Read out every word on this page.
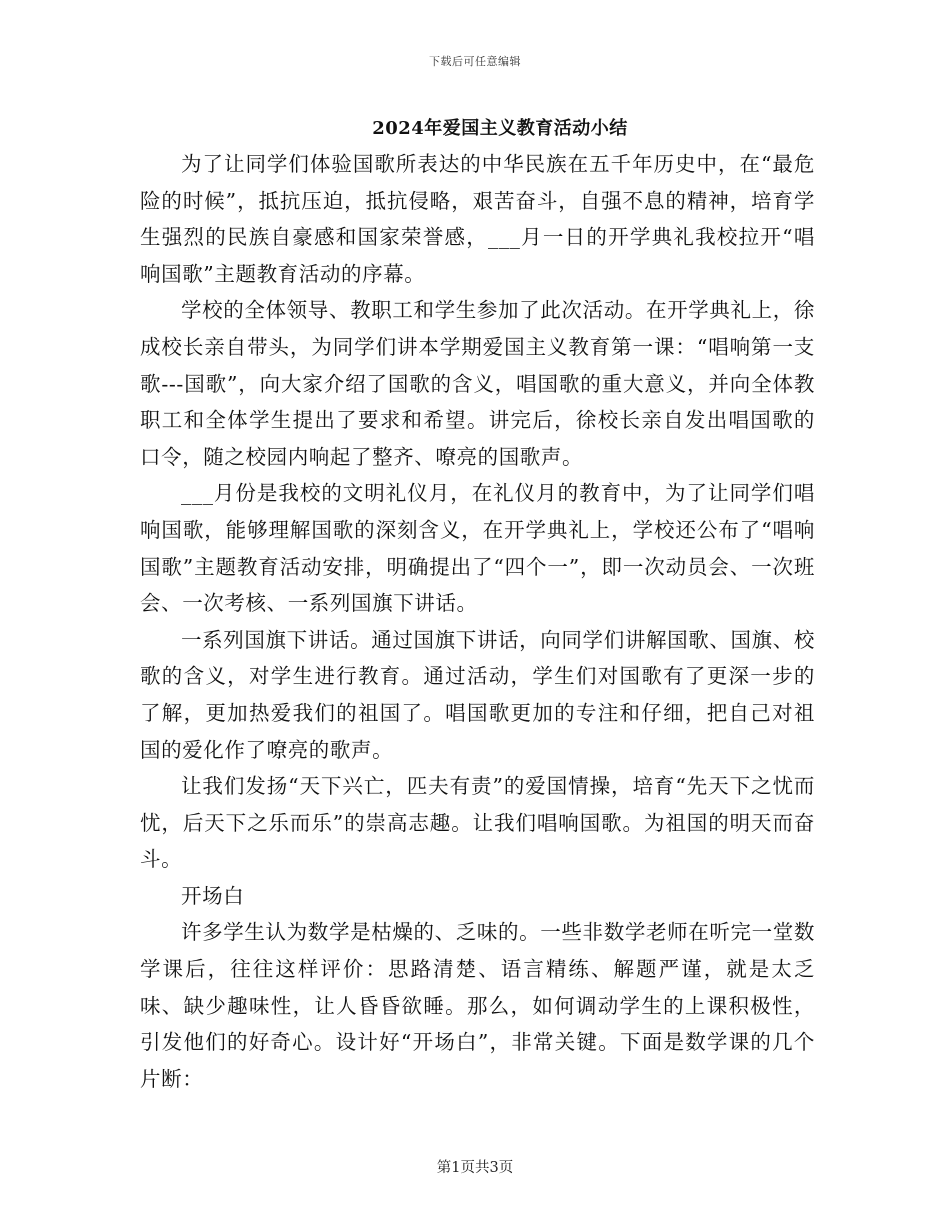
下载后可任意编辑
2024年爱国主义教育活动小结

为了让同学们体验国歌所表达的中华民族在五千年历史中，在“最危险的时候”，抵抗压迫，抵抗侵略，艰苦奋斗，自强不息的精神，培育学生强烈的民族自豪感和国家荣誉感，___月一日的开学典礼我校拉开“唱响国歌”主题教育活动的序幕。

学校的全体领导、教职工和学生参加了此次活动。在开学典礼上，徐成校长亲自带头，为同学们讲本学期爱国主义教育第一课：“唱响第一支歌---国歌”，向大家介绍了国歌的含义，唱国歌的重大意义，并向全体教职工和全体学生提出了要求和希望。讲完后，徐校长亲自发出唱国歌的口令，随之校园内响起了整齐、嘹亮的国歌声。

___月份是我校的文明礼仪月，在礼仪月的教育中，为了让同学们唱响国歌，能够理解国歌的深刻含义，在开学典礼上，学校还公布了“唱响国歌”主题教育活动安排，明确提出了“四个一”，即一次动员会、一次班会、一次考核、一系列国旗下讲话。

一系列国旗下讲话。通过国旗下讲话，向同学们讲解国歌、国旗、校歌的含义，对学生进行教育。通过活动，学生们对国歌有了更深一步的了解，更加热爱我们的祖国了。唱国歌更加的专注和仔细，把自己对祖国的爱化作了嘹亮的歌声。

让我们发扬“天下兴亡，匹夫有责”的爱国情操，培育“先天下之忧而忧，后天下之乐而乐”的崇高志趣。让我们唱响国歌。为祖国的明天而奋斗。

开场白

许多学生认为数学是枯燥的、乏味的。一些非数学老师在听完一堂数学课后，往往这样评价：思路清楚、语言精练、解题严谨，就是太乏味、缺少趣味性，让人昏昏欲睡。那么，如何调动学生的上课积极性，引发他们的好奇心。设计好“开场白”，非常关键。下面是数学课的几个片断：

第1页共3页
